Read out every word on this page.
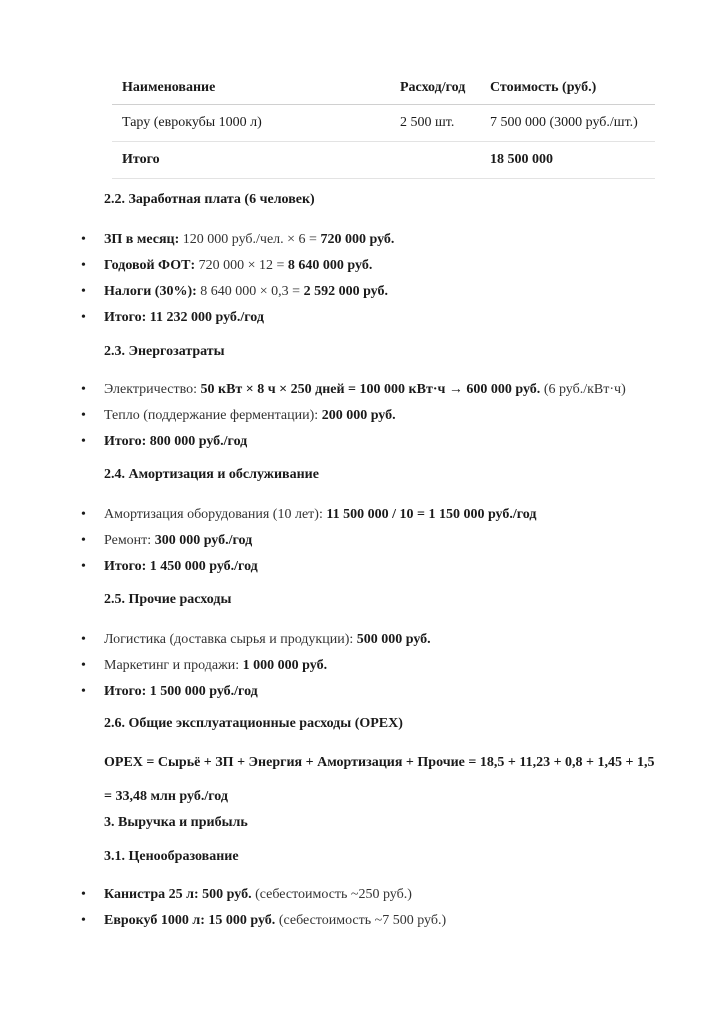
Наименование	Расход/год	Стоимость (руб.)
Тару (еврокубы 1000 л)	2 500 шт.	7 500 000 (3000 руб./шт.)
Итого		18 500 000
2.2. Заработная плата (6 человек)
• ЗП в месяц: 120 000 руб./чел. × 6 = 720 000 руб.
• Годовой ФОТ: 720 000 × 12 = 8 640 000 руб.
• Налоги (30%): 8 640 000 × 0,3 = 2 592 000 руб.
• Итого: 11 232 000 руб./год
2.3. Энергозатраты
• Электричество: 50 кВт × 8 ч × 250 дней = 100 000 кВт·ч → 600 000 руб. (6 руб./кВт·ч)
• Тепло (поддержание ферментации): 200 000 руб.
• Итого: 800 000 руб./год
2.4. Амортизация и обслуживание
• Амортизация оборудования (10 лет): 11 500 000 / 10 = 1 150 000 руб./год
• Ремонт: 300 000 руб./год
• Итого: 1 450 000 руб./год
2.5. Прочие расходы
• Логистика (доставка сырья и продукции): 500 000 руб.
• Маркетинг и продажи: 1 000 000 руб.
• Итого: 1 500 000 руб./год
2.6. Общие эксплуатационные расходы (OPEX)
OPEX = Сырьё + ЗП + Энергия + Амортизация + Прочие = 18,5 + 11,23 + 0,8 + 1,45 + 1,5 = 33,48 млн руб./год
3. Выручка и прибыль
3.1. Ценообразование
• Канистра 25 л: 500 руб. (себестоимость ~250 руб.)
• Еврокуб 1000 л: 15 000 руб. (себестоимость ~7 500 руб.)
